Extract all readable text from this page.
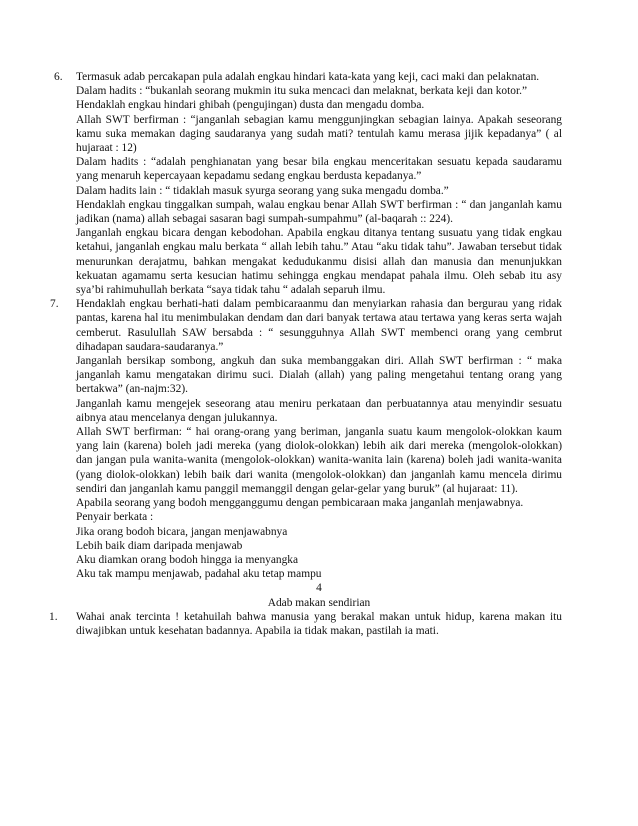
6. Termasuk adab percakapan pula adalah engkau hindari kata-kata yang keji, caci maki dan pelaknatan.

Dalam hadits : “bukanlah seorang mukmin itu suka mencaci dan melaknat, berkata keji dan kotor.”

Hendaklah engkau hindari ghibah (pengujingan) dusta dan mengadu domba.

Allah SWT berfirman : “janganlah sebagian kamu menggunjingkan sebagian lainya. Apakah seseorang kamu suka memakan daging saudaranya yang sudah mati? tentulah kamu merasa jijik kepadanya” ( al hujaraat : 12)

Dalam hadits : “adalah penghianatan yang besar bila engkau menceritakan sesuatu kepada saudaramu yang menaruh kepercayaan kepadamu sedang engkau berdusta kepadanya.”

Dalam hadits lain : “ tidaklah masuk syurga seorang yang suka mengadu domba.”

Hendaklah engkau tinggalkan sumpah, walau engkau benar Allah SWT berfirman : “ dan janganlah kamu jadikan (nama) allah sebagai sasaran bagi sumpah-sumpahmu” (al-baqarah :: 224).

Janganlah engkau bicara dengan kebodohan. Apabila engkau ditanya tentang susuatu yang tidak engkau ketahui, janganlah engkau malu berkata “ allah lebih tahu.” Atau “aku tidak tahu”. Jawaban tersebut tidak menurunkan derajatmu, bahkan mengakat kedudukanmu disisi allah dan manusia dan menunjukkan kekuatan agamamu serta kesucian hatimu sehingga engkau mendapat pahala ilmu. Oleh sebab itu asy sya’bi rahimuhullah berkata “saya tidak tahu “ adalah separuh ilmu.

7. Hendaklah engkau berhati-hati dalam pembicaraanmu dan menyiarkan rahasia dan bergurau yang ridak pantas, karena hal itu menimbulakan dendam dan dari banyak tertawa atau tertawa yang keras serta wajah cemberut. Rasulullah SAW bersabda : “ sesungguhnya Allah SWT membenci orang yang cembrut dihadapan saudara-saudaranya.”

Janganlah bersikap sombong, angkuh dan suka membanggakan diri. Allah SWT berfirman : “ maka janganlah kamu mengatakan dirimu suci. Dialah (allah) yang paling mengetahui tentang orang yang bertakwa” (an-najm:32).

Janganlah kamu mengejek seseorang atau meniru perkataan dan perbuatannya atau menyindir sesuatu aibnya atau mencelanya dengan julukannya.

Allah SWT berfirman: “ hai orang-orang yang beriman, janganla suatu kaum mengolok-olokkan kaum yang lain (karena) boleh jadi mereka (yang diolok-olokkan) lebih aik dari mereka (mengolok-olokkan) dan jangan pula wanita-wanita (mengolok-olokkan) wanita-wanita lain (karena) boleh jadi wanita-wanita (yang diolok-olokkan) lebih baik dari wanita (mengolok-olokkan) dan janganlah kamu mencela dirimu sendiri dan janganlah kamu panggil memanggil dengan gelar-gelar yang buruk” (al hujaraat: 11).

Apabila seorang yang bodoh mengganggumu dengan pembicaraan maka janganlah menjawabnya.

Penyair berkata :

Jika orang bodoh bicara, jangan menjawabnya

Lebih baik diam daripada menjawab

Aku diamkan orang bodoh hingga ia menyangka

Aku tak mampu menjawab, padahal aku tetap mampu

4
Adab makan sendirian
1. Wahai anak tercinta ! ketahuilah bahwa manusia yang berakal makan untuk hidup, karena makan itu diwajibkan untuk kesehatan badannya. Apabila ia tidak makan, pastilah ia mati.
